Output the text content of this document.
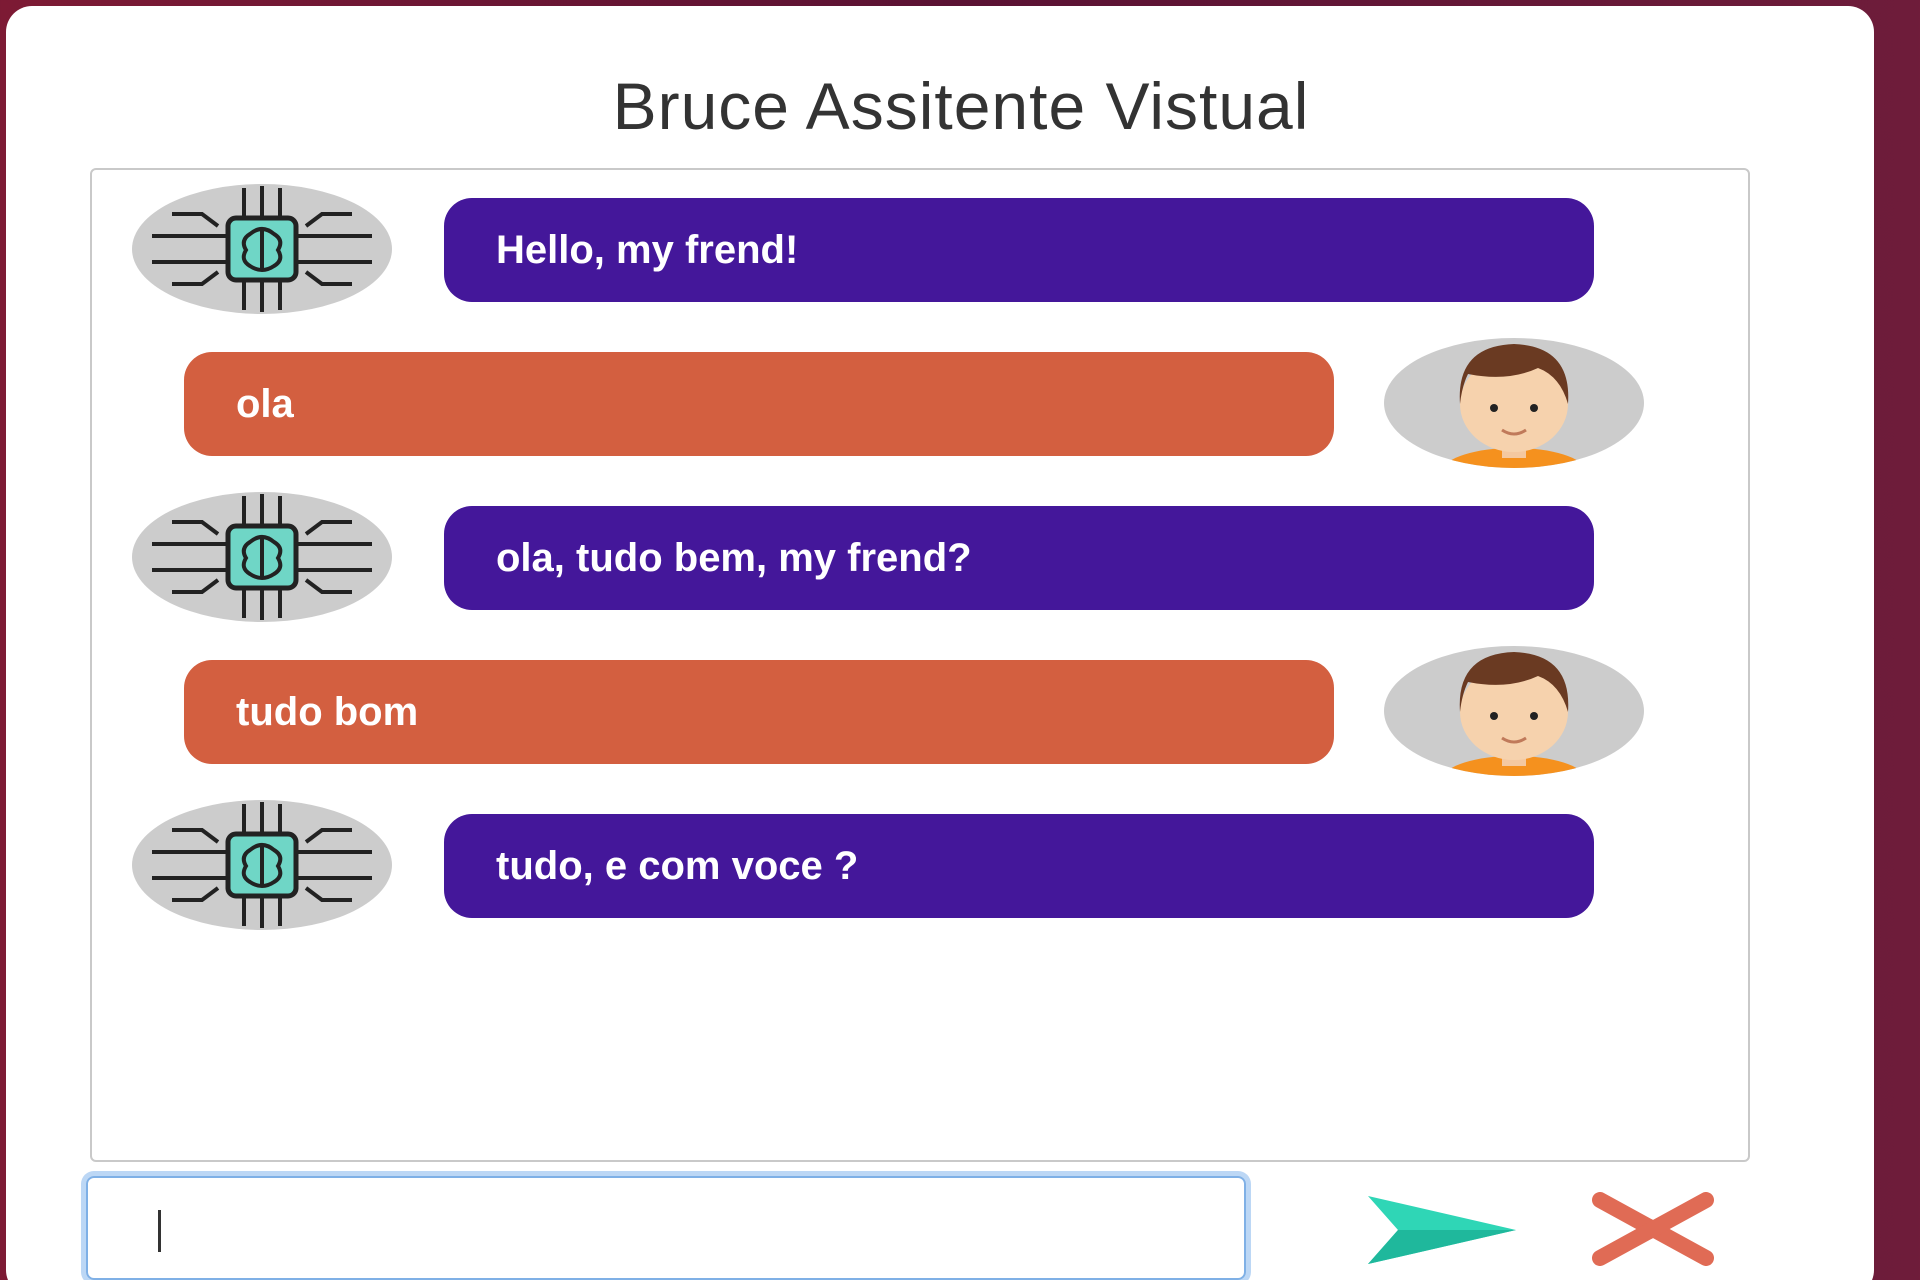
Bruce Assitente Vistual
Hello, my frend!
ola
ola, tudo bem, my frend?
tudo bom
tudo, e com voce ?
